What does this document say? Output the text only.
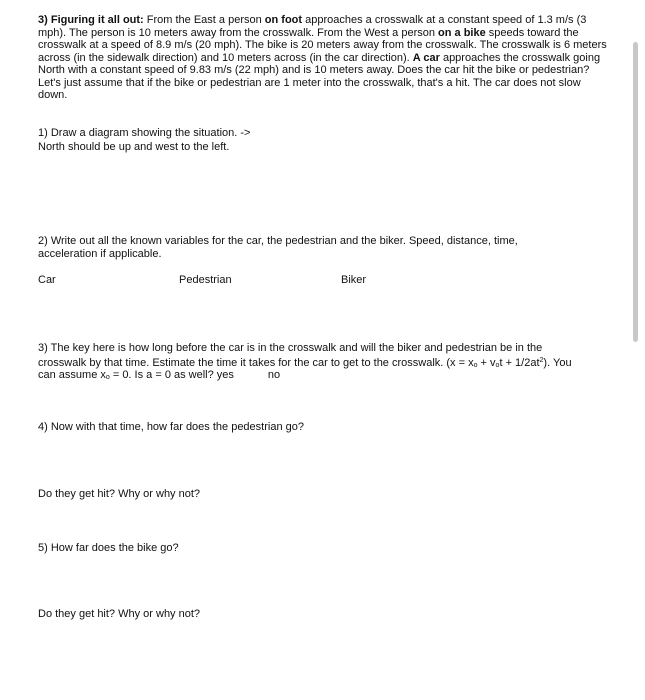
3) Figuring it all out: From the East a person on foot approaches a crosswalk at a constant speed of 1.3 m/s (3 mph). The person is 10 meters away from the crosswalk. From the West a person on a bike speeds toward the crosswalk at a speed of 8.9 m/s (20 mph). The bike is 20 meters away from the crosswalk. The crosswalk is 6 meters across (in the sidewalk direction) and 10 meters across (in the car direction). A car approaches the crosswalk going North with a constant speed of 9.83 m/s (22 mph) and is 10 meters away. Does the car hit the bike or pedestrian? Let's just assume that if the bike or pedestrian are 1 meter into the crosswalk, that's a hit. The car does not slow down.
1) Draw a diagram showing the situation. ->
North should be up and west to the left.
2) Write out all the known variables for the car, the pedestrian and the biker. Speed, distance, time,
acceleration if applicable.
Car	Pedestrian	Biker
3) The key here is how long before the car is in the crosswalk and will the biker and pedestrian be in the
crosswalk by that time. Estimate the time it takes for the car to get to the crosswalk. $(x = x_o + v_ot + 1/2at^2)$. You
can assume $x_o = 0$. Is a = 0 as well? yes	no
4) Now with that time, how far does the pedestrian go?
Do they get hit? Why or why not?
5) How far does the bike go?
Do they get hit? Why or why not?
